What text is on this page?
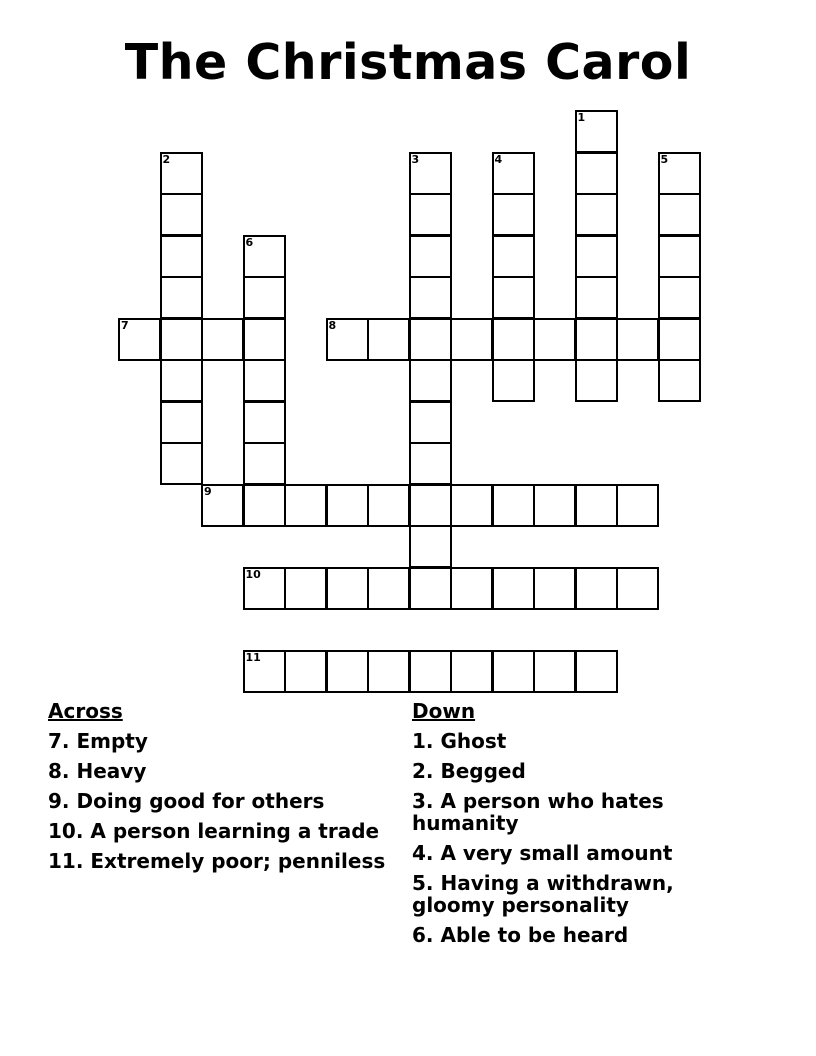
The Christmas Carol
1
2	3	4	5
6
7	8
9
10
11
Across
7. Empty
8. Heavy
9. Doing good for others
10. A person learning a trade
11. Extremely poor; penniless
Down
1. Ghost
2. Begged
3. A person who hates humanity
4. A very small amount
5. Having a withdrawn, gloomy personality
6. Able to be heard
